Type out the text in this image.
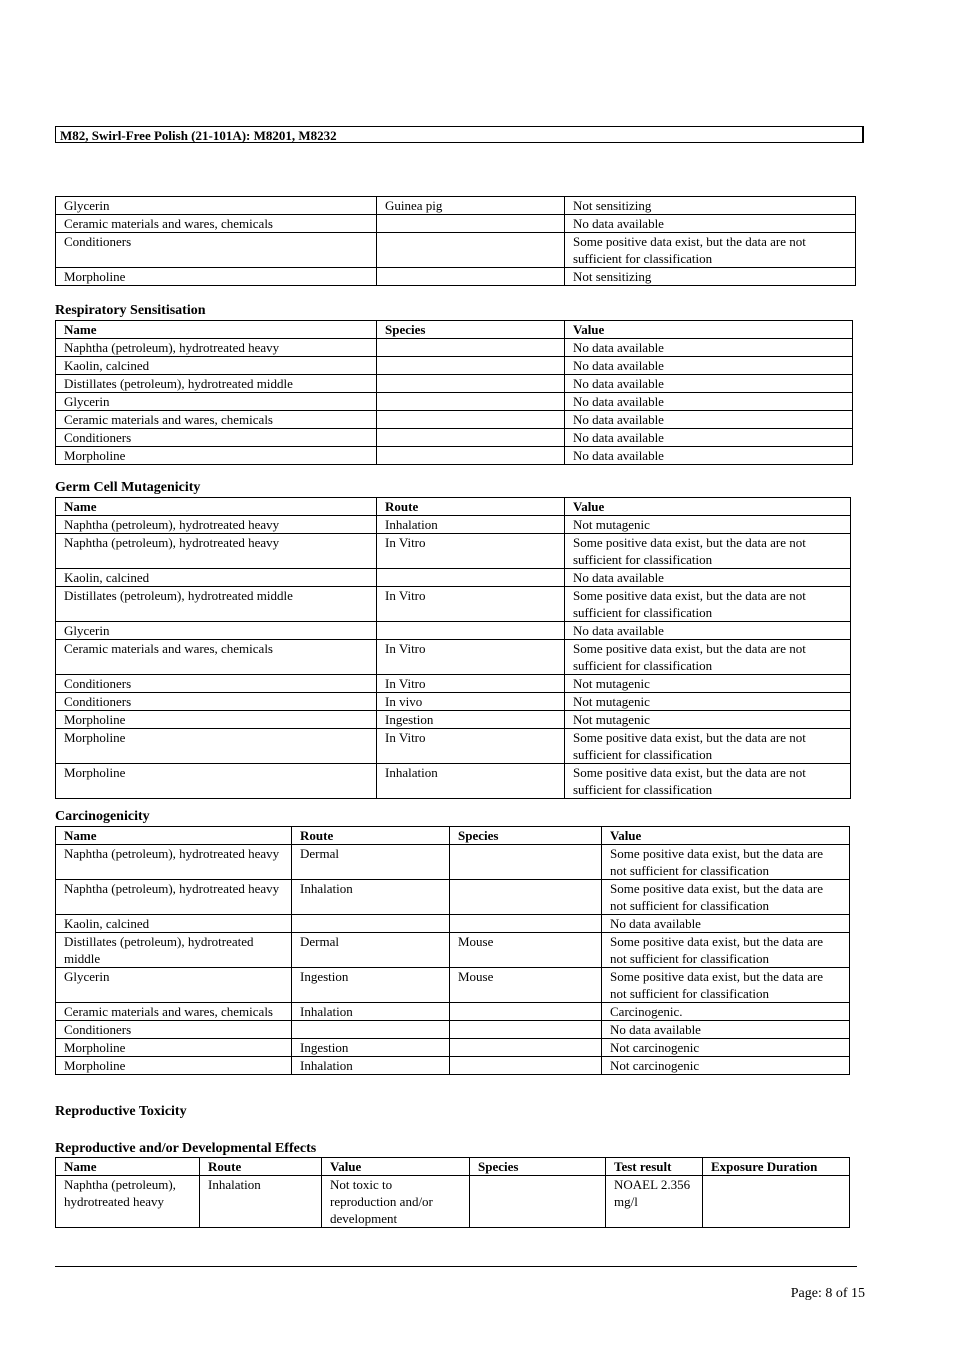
M82, Swirl-Free Polish (21-101A): M8201, M8232
Glycerin	Guinea pig	Not sensitizing
Ceramic materials and wares, chemicals		No data available
Conditioners		Some positive data exist, but the data are not sufficient for classification
Morpholine		Not sensitizing
Respiratory Sensitisation
Name	Species	Value
Naphtha (petroleum), hydrotreated heavy		No data available
Kaolin, calcined		No data available
Distillates (petroleum), hydrotreated middle		No data available
Glycerin		No data available
Ceramic materials and wares, chemicals		No data available
Conditioners		No data available
Morpholine		No data available
Germ Cell Mutagenicity
Name	Route	Value
Naphtha (petroleum), hydrotreated heavy	Inhalation	Not mutagenic
Naphtha (petroleum), hydrotreated heavy	In Vitro	Some positive data exist, but the data are not sufficient for classification
Kaolin, calcined		No data available
Distillates (petroleum), hydrotreated middle	In Vitro	Some positive data exist, but the data are not sufficient for classification
Glycerin		No data available
Ceramic materials and wares, chemicals	In Vitro	Some positive data exist, but the data are not sufficient for classification
Conditioners	In Vitro	Not mutagenic
Conditioners	In vivo	Not mutagenic
Morpholine	Ingestion	Not mutagenic
Morpholine	In Vitro	Some positive data exist, but the data are not sufficient for classification
Morpholine	Inhalation	Some positive data exist, but the data are not sufficient for classification
Carcinogenicity
Name	Route	Species	Value
Naphtha (petroleum), hydrotreated heavy	Dermal		Some positive data exist, but the data are not sufficient for classification
Naphtha (petroleum), hydrotreated heavy	Inhalation		Some positive data exist, but the data are not sufficient for classification
Kaolin, calcined			No data available
Distillates (petroleum), hydrotreated middle	Dermal	Mouse	Some positive data exist, but the data are not sufficient for classification
Glycerin	Ingestion	Mouse	Some positive data exist, but the data are not sufficient for classification
Ceramic materials and wares, chemicals	Inhalation		Carcinogenic.
Conditioners			No data available
Morpholine	Ingestion		Not carcinogenic
Morpholine	Inhalation		Not carcinogenic
Reproductive Toxicity
Reproductive and/or Developmental Effects
Name	Route	Value	Species	Test result	Exposure Duration
Naphtha (petroleum), hydrotreated heavy	Inhalation	Not toxic to reproduction and/or development		NOAEL 2.356 mg/l	
Page: 8 of 15
